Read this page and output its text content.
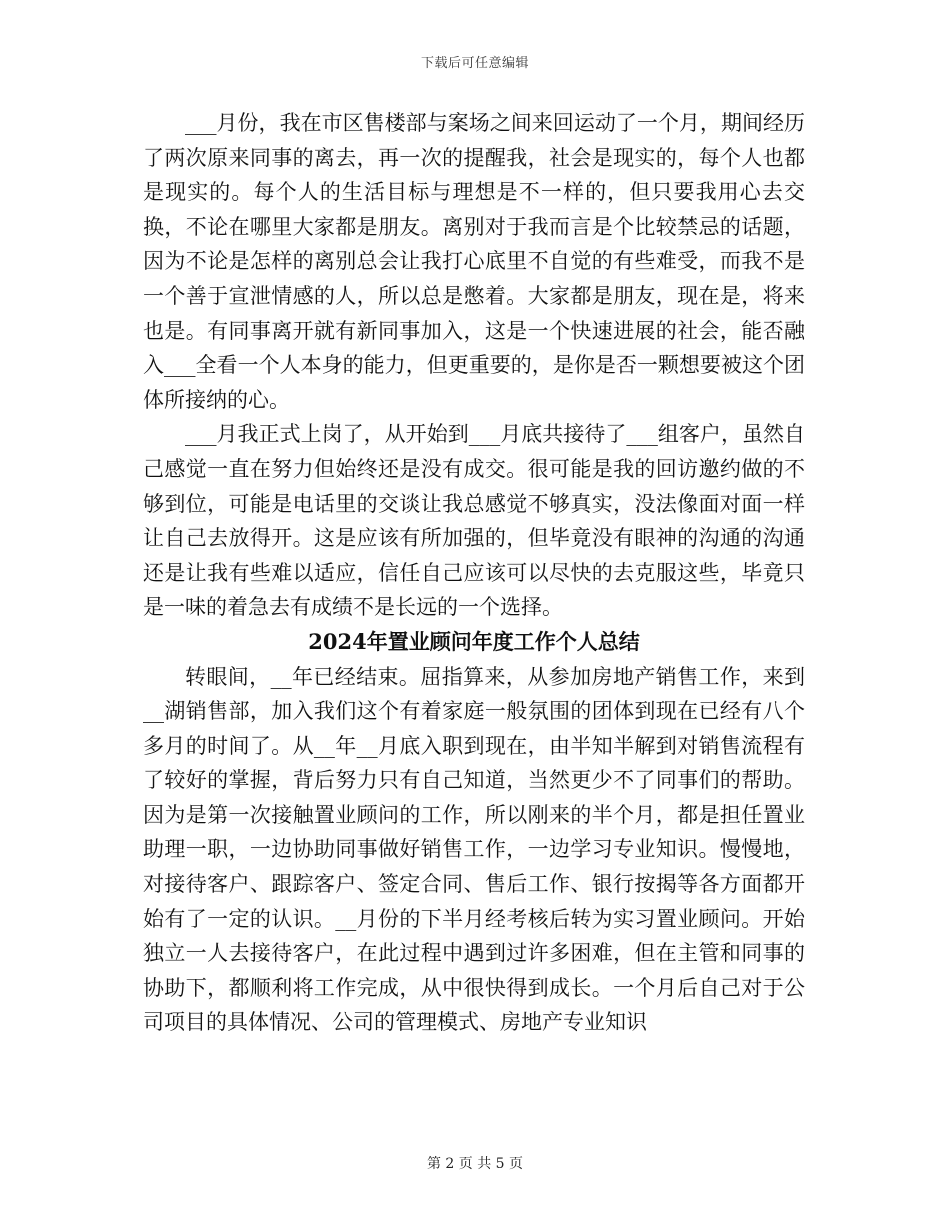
下载后可任意编辑

___月份，我在市区售楼部与案场之间来回运动了一个月，期间经历了两次原来同事的离去，再一次的提醒我，社会是现实的，每个人也都是现实的。每个人的生活目标与理想是不一样的，但只要我用心去交换，不论在哪里大家都是朋友。离别对于我而言是个比较禁忌的话题，因为不论是怎样的离别总会让我打心底里不自觉的有些难受，而我不是一个善于宣泄情感的人，所以总是憋着。大家都是朋友，现在是，将来也是。有同事离开就有新同事加入，这是一个快速进展的社会，能否融入___全看一个人本身的能力，但更重要的，是你是否一颗想要被这个团体所接纳的心。

___月我正式上岗了，从开始到___月底共接待了___组客户，虽然自己感觉一直在努力但始终还是没有成交。很可能是我的回访邀约做的不够到位，可能是电话里的交谈让我总感觉不够真实，没法像面对面一样让自己去放得开。这是应该有所加强的，但毕竟没有眼神的沟通的沟通还是让我有些难以适应，信任自己应该可以尽快的去克服这些，毕竟只是一味的着急去有成绩不是长远的一个选择。

2024年置业顾问年度工作个人总结

转眼间，__年已经结束。屈指算来，从参加房地产销售工作，来到__湖销售部，加入我们这个有着家庭一般氛围的团体到现在已经有八个多月的时间了。从__年__月底入职到现在，由半知半解到对销售流程有了较好的掌握，背后努力只有自己知道，当然更少不了同事们的帮助。因为是第一次接触置业顾问的工作，所以刚来的半个月，都是担任置业助理一职，一边协助同事做好销售工作，一边学习专业知识。慢慢地，对接待客户、跟踪客户、签定合同、售后工作、银行按揭等各方面都开始有了一定的认识。__月份的下半月经考核后转为实习置业顾问。开始独立一人去接待客户，在此过程中遇到过许多困难，但在主管和同事的协助下，都顺利将工作完成，从中很快得到成长。一个月后自己对于公司项目的具体情况、公司的管理模式、房地产专业知识

第 2 页 共 5 页
